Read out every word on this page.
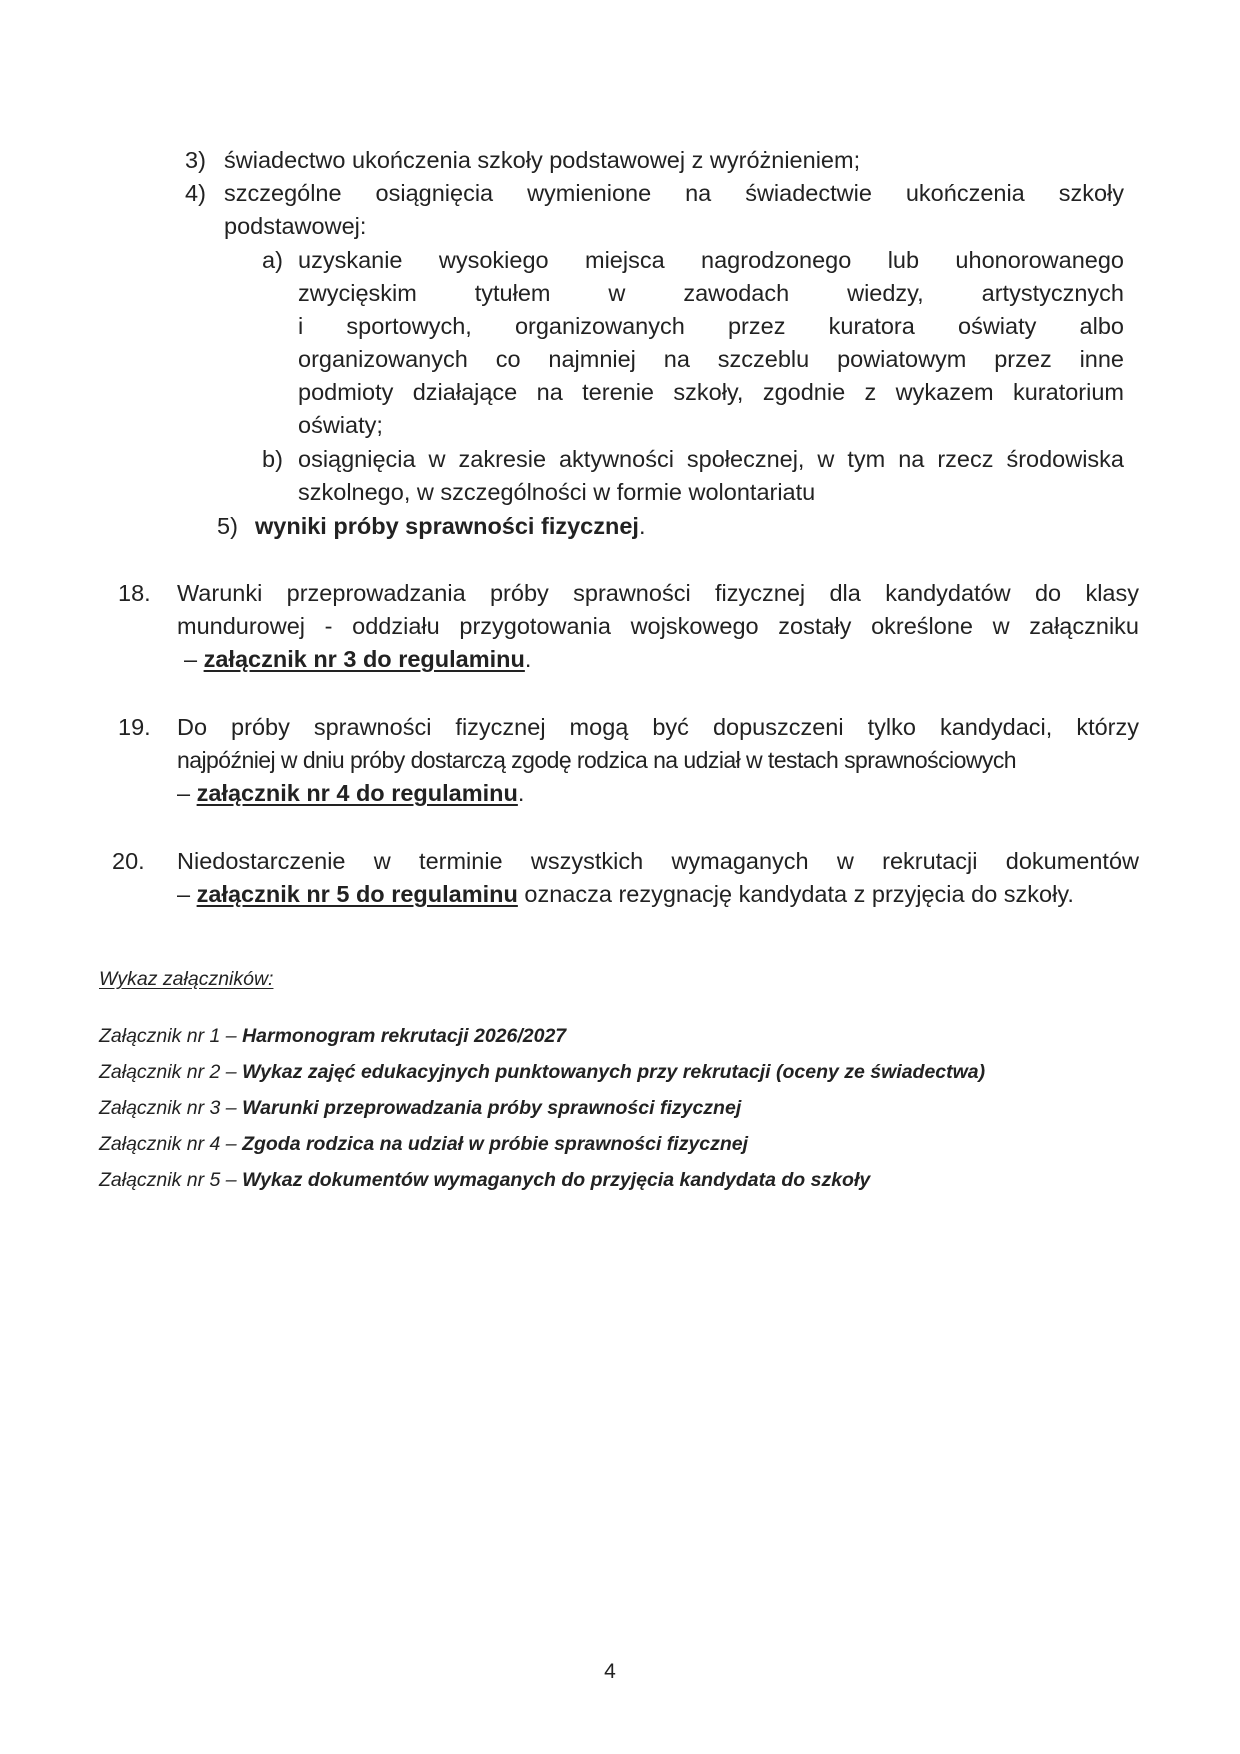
3) świadectwo ukończenia szkoły podstawowej z wyróżnieniem;
4) szczególne osiągnięcia wymienione na świadectwie ukończenia szkoły
podstawowej:
a) uzyskanie wysokiego miejsca nagrodzonego lub uhonorowanego
zwycięskim tytułem w zawodach wiedzy, artystycznych
i sportowych, organizowanych przez kuratora oświaty albo
organizowanych co najmniej na szczeblu powiatowym przez inne
podmioty działające na terenie szkoły, zgodnie z wykazem kuratorium
oświaty;
b) osiągnięcia w zakresie aktywności społecznej, w tym na rzecz środowiska
szkolnego, w szczególności w formie wolontariatu
5) wyniki próby sprawności fizycznej.
18. Warunki przeprowadzania próby sprawności fizycznej dla kandydatów do klasy
mundurowej - oddziału przygotowania wojskowego zostały określone w załączniku
– załącznik nr 3 do regulaminu.
19. Do próby sprawności fizycznej mogą być dopuszczeni tylko kandydaci, którzy
najpóźniej w dniu próby dostarczą zgodę rodzica na udział w testach sprawnościowych
– załącznik nr 4 do regulaminu.
20. Niedostarczenie w terminie wszystkich wymaganych w rekrutacji dokumentów
– załącznik nr 5 do regulaminu oznacza rezygnację kandydata z przyjęcia do szkoły.
Wykaz załączników:
Załącznik nr 1 – Harmonogram rekrutacji 2026/2027
Załącznik nr 2 – Wykaz zajęć edukacyjnych punktowanych przy rekrutacji (oceny ze świadectwa)
Załącznik nr 3 – Warunki przeprowadzania próby sprawności fizycznej
Załącznik nr 4 – Zgoda rodzica na udział w próbie sprawności fizycznej
Załącznik nr 5 – Wykaz dokumentów wymaganych do przyjęcia kandydata do szkoły
4
